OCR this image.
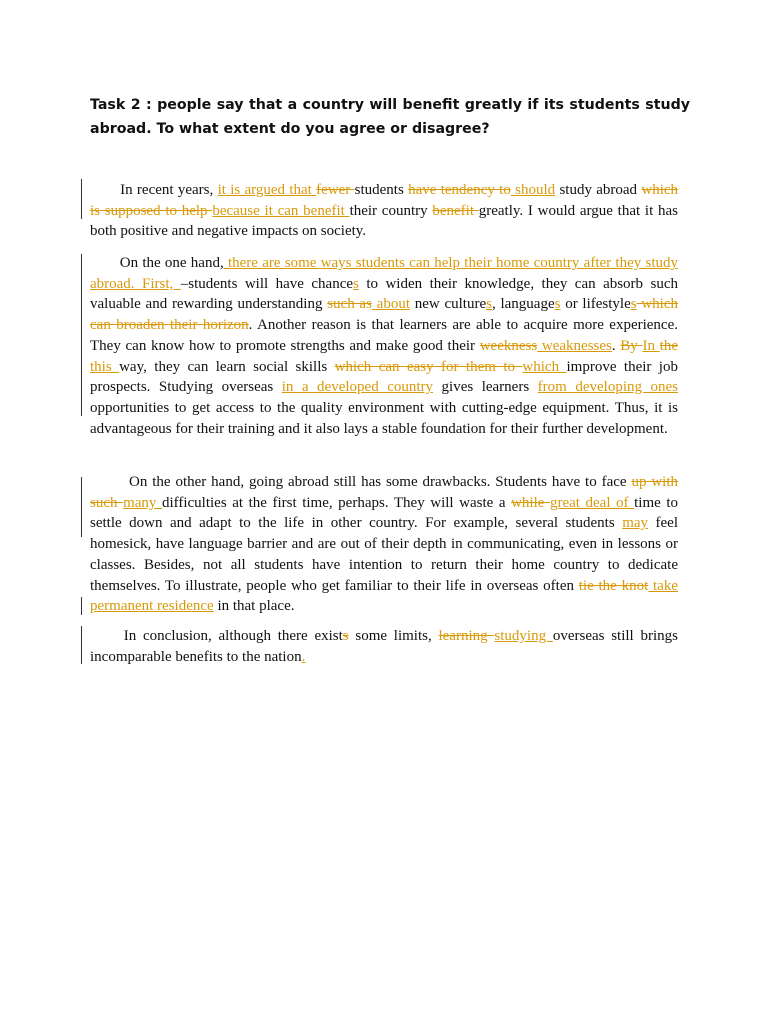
Task 2 : people say that a country will benefit greatly if its students study abroad. To what extent do you agree or disagree?
In recent years, it is argued that fewer students have tendency to should study abroad which is supposed to help because it can benefit their country benefit greatly. I would argue that it has both positive and negative impacts on society.
On the one hand, there are some ways students can help their home country after they study abroad. First, –students will have chances to widen their knowledge, they can absorb such valuable and rewarding understanding such as about new cultures, languages or lifestyles which can broaden their horizon. Another reason is that learners are able to acquire more experience. They can know how to promote strengths and make good their weekness weaknesses. By In the this way, they can learn social skills which can easy for them to which improve their job prospects. Studying overseas in a developed country gives learners from developing ones opportunities to get access to the quality environment with cutting-edge equipment. Thus, it is advantageous for their training and it also lays a stable foundation for their further development.
On the other hand, going abroad still has some drawbacks. Students have to face up with such many difficulties at the first time, perhaps. They will waste a while great deal of time to settle down and adapt to the life in other country. For example, several students may feel homesick, have language barrier and are out of their depth in communicating, even in lessons or classes. Besides, not all students have intention to return their home country to dedicate themselves. To illustrate, people who get familiar to their life in overseas often tie the knot take permanent residence in that place.
In conclusion, although there exists some limits, learning studying overseas still brings incomparable benefits to the nation.
